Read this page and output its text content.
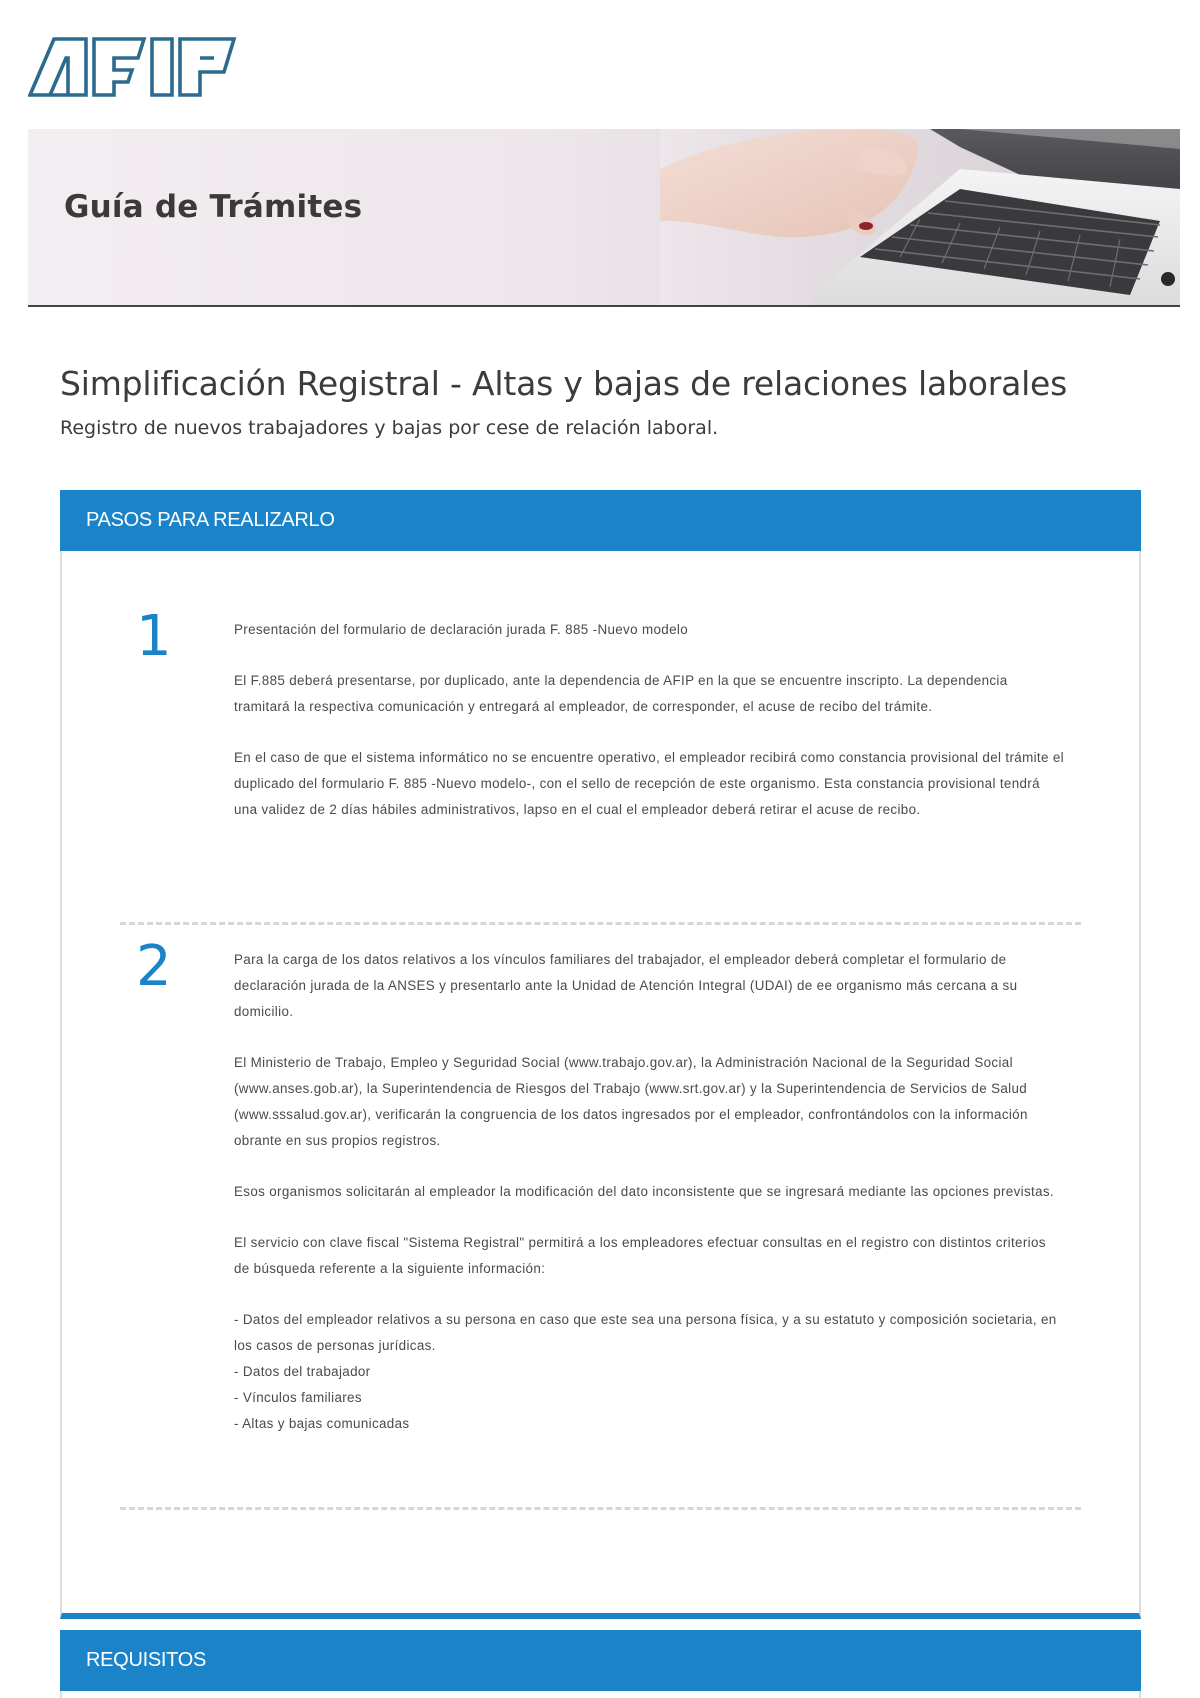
Guía de Trámites
Simplificación Registral - Altas y bajas de relaciones laborales

Registro de nuevos trabajadores y bajas por cese de relación laboral.

PASOS PARA REALIZARLO
1	Presentación del formulario de declaración jurada F. 885 -Nuevo modelo

El F.885 deberá presentarse, por duplicado, ante la dependencia de AFIP en la que se encuentre inscripto. La dependencia tramitará la respectiva comunicación y entregará al empleador, de corresponder, el acuse de recibo del trámite.

En el caso de que el sistema informático no se encuentre operativo, el empleador recibirá como constancia provisional del trámite el duplicado del formulario F. 885 -Nuevo modelo-, con el sello de recepción de este organismo. Esta constancia provisional tendrá una validez de 2 días hábiles administrativos, lapso en el cual el empleador deberá retirar el acuse de recibo.

2	Para la carga de los datos relativos a los vínculos familiares del trabajador, el empleador deberá completar el formulario de declaración jurada de la ANSES y presentarlo ante la Unidad de Atención Integral (UDAI) de ee organismo más cercana a su domicilio.

El Ministerio de Trabajo, Empleo y Seguridad Social (www.trabajo.gov.ar), la Administración Nacional de la Seguridad Social (www.anses.gob.ar), la Superintendencia de Riesgos del Trabajo (www.srt.gov.ar) y la Superintendencia de Servicios de Salud (www.sssalud.gov.ar), verificarán la congruencia de los datos ingresados por el empleador, confrontándolos con la información obrante en sus propios registros.

Esos organismos solicitarán al empleador la modificación del dato inconsistente que se ingresará mediante las opciones previstas.

El servicio con clave fiscal "Sistema Registral" permitirá a los empleadores efectuar consultas en el registro con distintos criterios de búsqueda referente a la siguiente información:

- Datos del empleador relativos a su persona en caso que este sea una persona física, y a su estatuto y composición societaria, en los casos de personas jurídicas.
- Datos del trabajador
- Vínculos familiares
- Altas y bajas comunicadas
REQUISITOS
